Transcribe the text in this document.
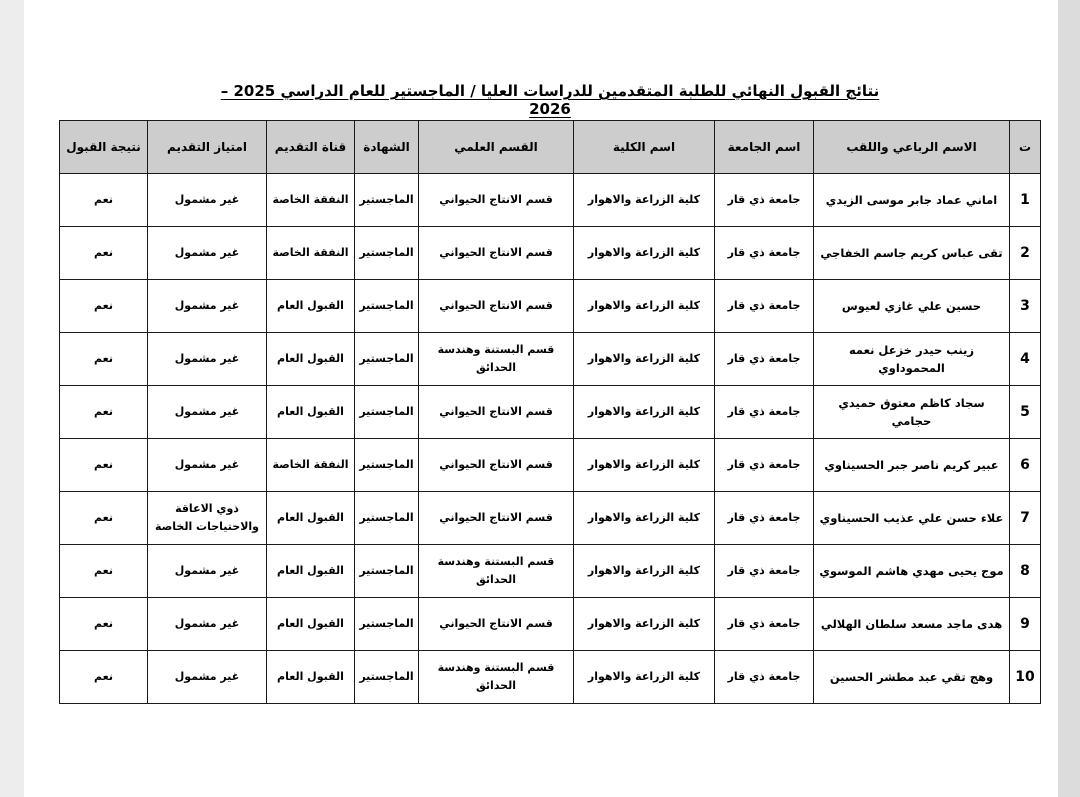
نتائج القبول النهائي للطلبة المتقدمين للدراسات العليا / الماجستير للعام الدراسي 2025 – 2026
ت	الاسم الرباعي واللقب	اسم الجامعة	اسم الكلية	القسم العلمي	الشهادة	قناة التقديم	امتياز التقديم	نتيجة القبول
1	اماني عماد جابر موسى الزيدي	جامعة ذي قار	كلية الزراعة والاهوار	قسم الانتاج الحيواني	الماجستير	النفقة الخاصة	غير مشمول	نعم
2	تقى عباس كريم جاسم الخفاجي	جامعة ذي قار	كلية الزراعة والاهوار	قسم الانتاج الحيواني	الماجستير	النفقة الخاصة	غير مشمول	نعم
3	حسين علي غازي لعيوس	جامعة ذي قار	كلية الزراعة والاهوار	قسم الانتاج الحيواني	الماجستير	القبول العام	غير مشمول	نعم
4	زينب حيدر خزعل نعمه المحموداوي	جامعة ذي قار	كلية الزراعة والاهوار	قسم البستنة وهندسة الحدائق	الماجستير	القبول العام	غير مشمول	نعم
5	سجاد كاظم معتوق حميدي حجامي	جامعة ذي قار	كلية الزراعة والاهوار	قسم الانتاج الحيواني	الماجستير	القبول العام	غير مشمول	نعم
6	عبير كريم ناصر جبر الحسيناوي	جامعة ذي قار	كلية الزراعة والاهوار	قسم الانتاج الحيواني	الماجستير	النفقة الخاصة	غير مشمول	نعم
7	علاء حسن علي عذيب الحسيناوي	جامعة ذي قار	كلية الزراعة والاهوار	قسم الانتاج الحيواني	الماجستير	القبول العام	ذوي الاعاقة والاحتياجات الخاصة	نعم
8	موج يحيى مهدي هاشم الموسوي	جامعة ذي قار	كلية الزراعة والاهوار	قسم البستنة وهندسة الحدائق	الماجستير	القبول العام	غير مشمول	نعم
9	هدى ماجد مسعد سلطان الهلالي	جامعة ذي قار	كلية الزراعة والاهوار	قسم الانتاج الحيواني	الماجستير	القبول العام	غير مشمول	نعم
10	وهج تقي عبد مطشر الحسين	جامعة ذي قار	كلية الزراعة والاهوار	قسم البستنة وهندسة الحدائق	الماجستير	القبول العام	غير مشمول	نعم
